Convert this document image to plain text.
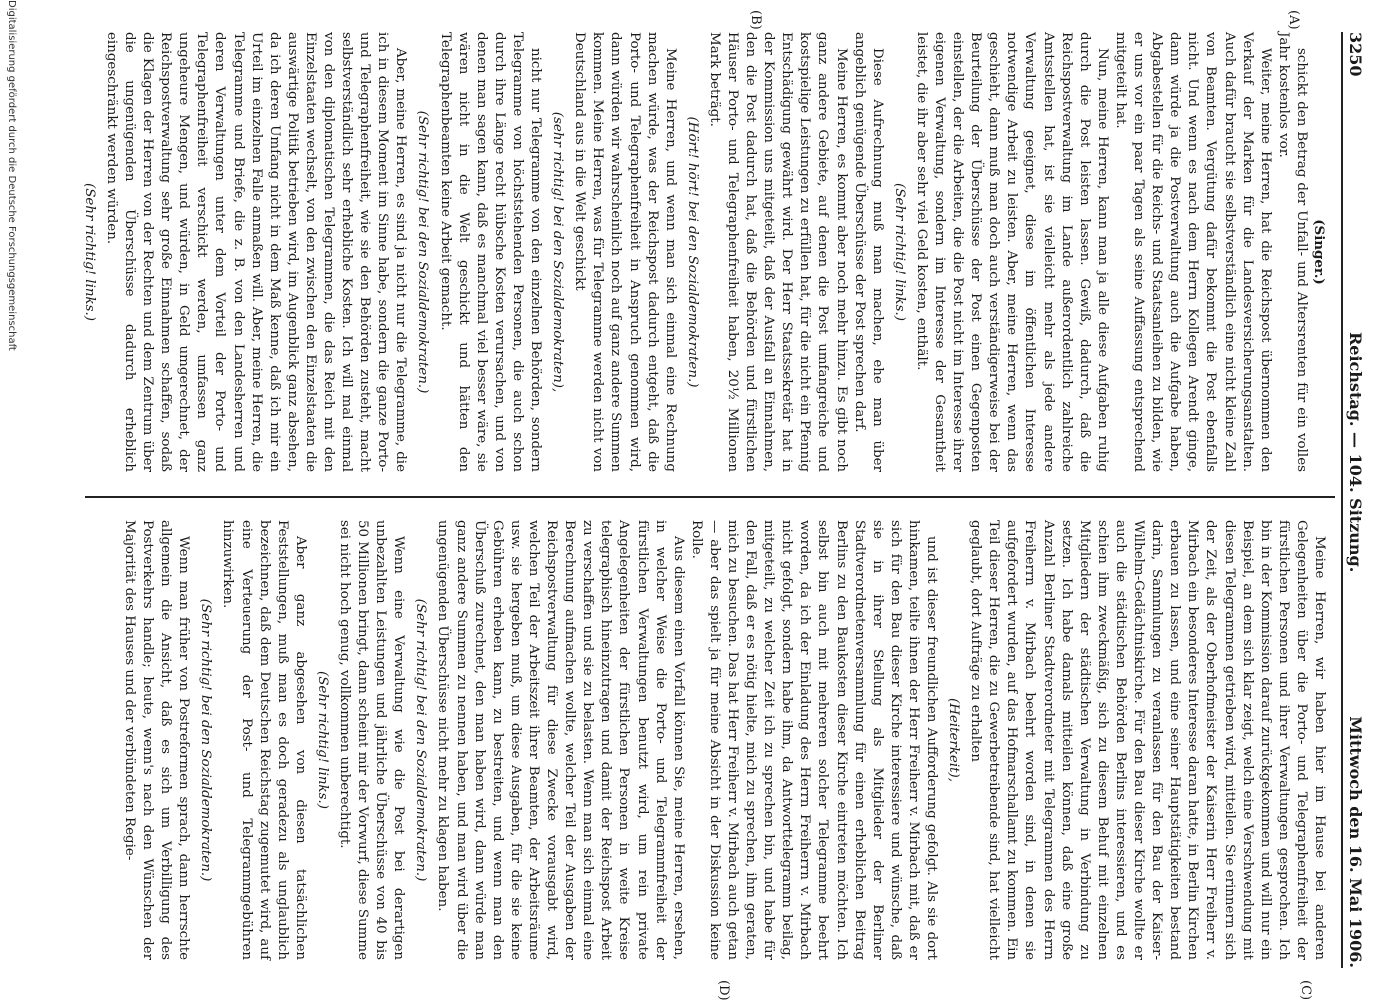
3250
Reichstag. — 104. Sitzung.
Mittwoch den 16. Mai 1906.
(A)
(B)
(C)
(D)

(Singer.)

schickt den Betrag der Unfall- und Altersrenten für ein volles Jahr kostenlos vor.

Weiter, meine Herren, hat die Reichspost übernommen den Verkauf der Marken für die Landesversicherungsanstalten. Auch dafür braucht sie selbstverständlich eine nicht kleine Zahl von Beamten. Vergütung dafür bekommt die Post ebenfalls nicht. Und wenn es nach dem Herrn Kollegen Arendt ginge, dann würde ja die Postverwaltung auch die Aufgabe haben, Abgabestellen für die Reichs- und Staatsanleihen zu bilden, wie er uns vor ein paar Tagen als seine Auffassung entsprechend mitgeteilt hat.

Nun, meine Herren, kann man ja alle diese Aufgaben ruhig durch die Post leisten lassen. Gewiß, dadurch, daß die Reichspostverwaltung im Lande außerordentlich zahlreiche Amtsstellen hat, ist sie vielleicht mehr als jede andere Verwaltung geeignet, diese im öffentlichen Interesse notwendige Arbeit zu leisten. Aber, meine Herren, wenn das geschieht, dann muß man doch auch verständigerweise bei der Beurteilung der Überschüsse der Post einen Gegenposten einstellen, der die Arbeiten, die die Post nicht im Interesse ihrer eigenen Verwaltung, sondern im Interesse der Gesamtheit leistet, die ihr aber sehr viel Geld kosten, enthält.

(Sehr richtig! links.)

Diese Aufrechnung muß man machen, ehe man über angeblich genügende Überschüsse der Post sprechen darf.

Meine Herren, es kommt aber noch mehr hinzu. Es gibt noch ganz andere Gebiete, auf denen die Post umfangreiche und kostspielige Leistungen zu erfüllen hat, für die nicht ein Pfennig Entschädigung gewährt wird. Der Herr Staatssekretär hat in der Kommission uns mitgeteilt, daß der Ausfall an Einnahmen, den die Post dadurch hat, daß die Behörden und fürstlichen Häuser Porto- und Telegraphenfreiheit haben, 20½ Millionen Mark beträgt.

(Hört! hört! bei den Sozialdemokraten.)

Meine Herren, und wenn man sich einmal eine Rechnung machen würde, was der Reichspost dadurch entgeht, daß die Porto- und Telegraphenfreiheit in Anspruch genommen wird, dann würden wir wahrscheinlich noch auf ganz andere Summen kommen. Meine Herren, was für Telegramme werden nicht von Deutschland aus in die Welt geschickt

(sehr richtig! bei den Sozialdemokraten),

nicht nur Telegramme von den einzelnen Behörden, sondern Telegramme von höchststehenden Personen, die auch schon durch ihre Länge recht hübsche Kosten verursachen, und von denen man sagen kann, daß es manchmal viel besser wäre, sie wären nicht in die Welt geschickt und hätten den Telegraphenbeamten keine Arbeit gemacht.

(Sehr richtig! bei den Sozialdemokraten.)

Aber, meine Herren, es sind ja nicht nur die Telegramme, die ich in diesem Moment im Sinne habe, sondern die ganze Porto- und Telegraphenfreiheit, wie sie den Behörden zusteht, macht selbstverständlich sehr erhebliche Kosten. Ich will mal einmal von den diplomatischen Telegrammen, die das Reich mit den Einzelstaaten wechselt, von den zwischen den Einzelstaaten die auswärtige Politik betrieben wird, im Augenblick ganz absehen, da ich deren Umfang nicht in dem Maß kenne, daß ich mir ein Urteil im einzelnen Falle anmaßen will. Aber, meine Herren, die Telegramme und Briefe, die z. B. von den Landesherren und deren Verwaltungen unter dem Vorteil der Porto- und Telegraphenfreiheit verschickt werden, umfassen ganz ungeheure Mengen, und würden, in Geld umgerechnet, der Reichspostverwaltung sehr große Einnahmen schaffen, sodaß die Klagen der Herren von der Rechten und dem Zentrum über die ungenügenden Überschüsse dadurch erheblich eingeschränkt werden würden.

(Sehr richtig! links.)

Meine Herren, wir haben hier im Hause bei anderen Gelegenheiten über die Porto- und Telegraphenfreiheit der fürstlichen Personen und ihrer Verwaltungen gesprochen. Ich bin in der Kommission darauf zurückgekommen und will nur ein Beispiel, an dem sich klar zeigt, welch eine Verschwendung mit diesen Telegrammen getrieben wird, mitteilen. Sie erinnern sich der Zeit, als der Oberhofmeister der Kaiserin Herr Freiherr v. Mirbach ein besonderes Interesse daran hatte, in Berlin Kirchen erbauen zu lassen, und eine seiner Hauptstätigkeiten bestand darin, Sammlungen zu veranlassen für den Bau der Kaiser-Wilhelm-Gedächtniskirche. Für den Bau dieser Kirche wollte er auch die städtischen Behörden Berlins interessieren, und es schien ihm zweckmäßig, sich zu diesem Behuf mit einzelnen Mitgliedern der städtischen Verwaltung in Verbindung zu setzen. Ich habe damals mitteilen können, daß eine große Anzahl Berliner Stadtverordneter mit Telegrammen des Herrn Freiherrn v. Mirbach beehrt worden sind, in denen sie aufgefordert wurden, auf das Hofmarschallamt zu kommen. Ein Teil dieser Herren, die zu Gewerbetreibende sind, hat vielleicht geglaubt, dort Aufträge zu erhalten

(Heiterkeit),

und ist dieser freundlichen Aufforderung gefolgt. Als sie dort hinkamen, teilte ihnen der Herr Freiherr v. Mirbach mit, daß er sich für den Bau dieser Kirche interessiere und wünsche, daß sie in ihrer Stellung als Mitglieder der Berliner Stadtverordnetenversammlung für einen erheblichen Beitrag Berlins zu den Baukosten dieser Kirche eintreten möchten. Ich selbst bin auch mit mehreren solcher Telegramme beehrt worden, da ich der Einladung des Herrn Freiherrn v. Mirbach nicht gefolgt, sondern habe ihm, da Antworttelegramm beilag, mitgeteilt, zu welcher Zeit ich zu sprechen bin, und habe für den Fall, daß er es nötig hielte, mich zu sprechen, ihm geraten, mich zu besuchen. Das hat Herr Freiherr v. Mirbach auch getan — aber das spielt ja für meine Absicht in der Diskussion keine Rolle.

Aus diesem einen Vorfall können Sie, meine Herren, ersehen, in welcher Weise die Porto- und Telegrammfreiheit der fürstlichen Verwaltungen benutzt wird, um rein private Angelegenheiten der fürstlichen Personen in weite Kreise telegraphisch hineinzutragen und damit der Reichspost Arbeit zu verschaffen und sie zu belasten. Wenn man sich einmal eine Berechnung aufmachen wollte, welcher Teil der Ausgaben der Reichspostverwaltung für diese Zwecke vorausgabt wird, welchen Teil der Arbeitszeit ihrer Beamten, der Arbeitsräume usw. sie hergeben muß, um diese Ausgaben, für die sie keine Gebühren erheben kann, zu bestreiten, und wenn man den Überschuß zurechnet, den man haben wird, dann würde man ganz andere Summen zu nennen haben, und man wird über die ungenügenden Überschüsse nicht mehr zu klagen haben.

(Sehr richtig! bei den Sozialdemokraten.)

Wenn eine Verwaltung wie die Post bei derartigen unbezahlten Leistungen und jährliche Überschüsse von 40 bis 50 Millionen bringt, dann scheint mir der Vorwurf, diese Summe sei nicht hoch genug, vollkommen unberechtigt.

(Sehr richtig! links.)

Aber ganz abgesehen von diesen tatsächlichen Feststellungen, muß man es doch geradezu als unglaublich bezeichnen, daß dem Deutschen Reichstag zugemutet wird, auf eine Verteuerung der Post- und Telegrammgebühren hinzuwirken.

(Sehr richtig! bei den Sozialdemokraten.)

Wenn man früher von Postreformen sprach, dann herrschte allgemein die Ansicht, daß es sich um Verbilligung des Postverkehrs handle; heute, wenn's nach den Wünschen der Majorität des Hauses und der verbündeten Regie-

Digitalisierung gefördert durch die Deutsche Forschungsgemeinschaft
